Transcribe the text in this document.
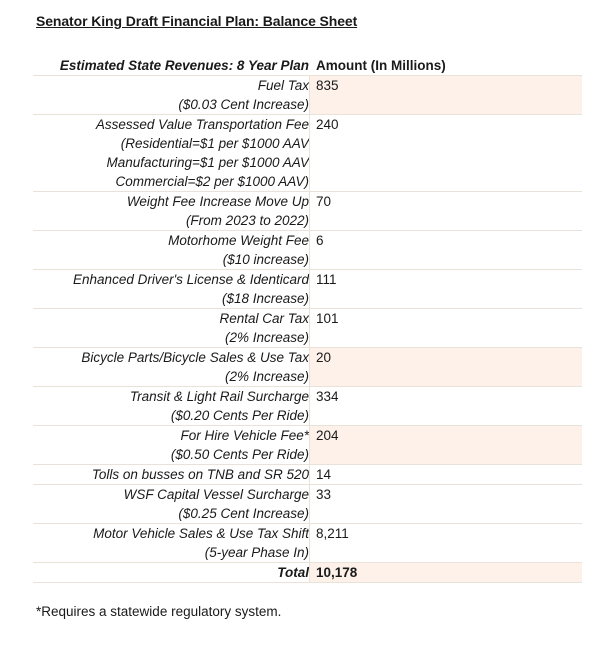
Senator King Draft Financial Plan: Balance Sheet
Estimated State Revenues: 8 Year Plan Amount (In Millions)
Fuel Tax
($0.03 Cent Increase)
835
Assessed Value Transportation Fee
(Residential=$1 per $1000 AAV
Manufacturing=$1 per $1000 AAV
Commercial=$2 per $1000 AAV)
240
Weight Fee Increase Move Up
(From 2023 to 2022)
70
Motorhome Weight Fee
($10 increase)
6
Enhanced Driver's License & Identicard
($18 Increase)
111
Rental Car Tax
(2% Increase)
101
Bicycle Parts/Bicycle Sales & Use Tax
(2% Increase)
20
Transit & Light Rail Surcharge
($0.20 Cents Per Ride)
334
For Hire Vehicle Fee*
($0.50 Cents Per Ride)
204
Tolls on busses on TNB and SR 520 14
WSF Capital Vessel Surcharge
($0.25 Cent Increase)
33
Motor Vehicle Sales & Use Tax Shift
(5-year Phase In)
8,211
Total 10,178
*Requires a statewide regulatory system.
